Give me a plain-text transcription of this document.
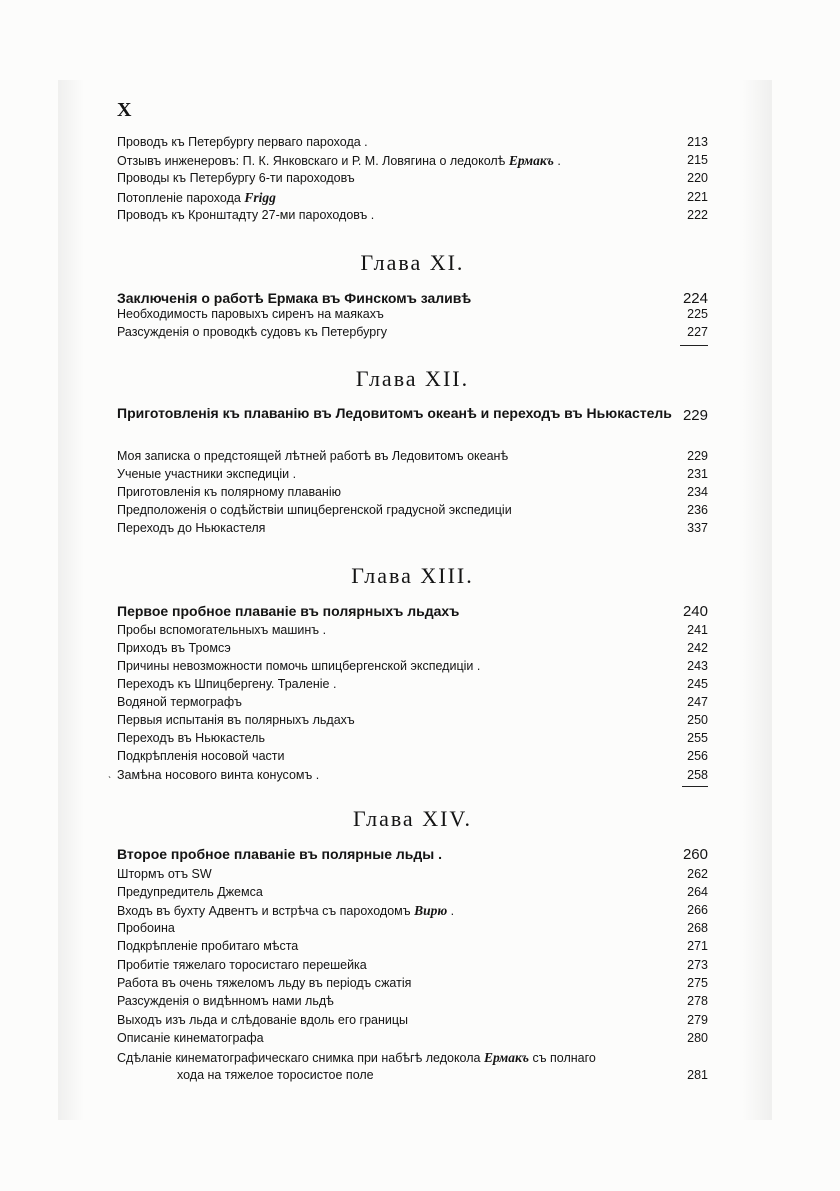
X
Проводъ къ Петербургу перваго парохода .	213
Отзывъ инженеровъ: П. К. Янковскаго и Р. М. Ловягина о ледоколѣ Ермакъ .	215
Проводы къ Петербургу 6-ти пароходовъ	220
Потопленіе парохода Frigg	221
Проводъ къ Кронштадту 27-ми пароходовъ .	222
Глава XI.
Заключенія о работѣ Ермака въ Финскомъ заливѣ	224
Необходимость паровыхъ сиренъ на маякахъ	225
Разсужденія о проводкѣ судовъ къ Петербургу	227
Глава XII.
Приготовленія къ плаванію въ Ледовитомъ океанѣ и переходъ въ Ньюкастель 229
Моя записка о предстоящей лѣтней работѣ въ Ледовитомъ океанѣ	229
Ученые участники экспедиціи .	231
Приготовленія къ полярному плаванію	234
Предположенія о содѣйствіи шпицбергенской градусной экспедиціи	236
Переходъ до Ньюкастеля	337
Глава XIII.
Первое пробное плаваніе въ полярныхъ льдахъ	240
Пробы вспомогательныхъ машинъ .	241
Приходъ въ Тромсэ	242
Причины невозможности помочь шпицбергенской экспедиціи .	243
Переходъ къ Шпицбергену. Траленіе .	245
Водяной термографъ	247
Первыя испытанія въ полярныхъ льдахъ	250
Переходъ въ Ньюкастель	255
Подкрѣпленія носовой части	256
Замѣна носового винта конусомъ .	258
ˋ
Глава XIV.
Второе пробное плаваніе въ полярные льды .	260
Штормъ отъ SW	262
Предупредитель Джемса	264
Входъ въ бухту Адвентъ и встрѣча съ пароходомъ Вирю .	266
Пробоина	268
Подкрѣпленіе пробитаго мѣста	271
Пробитіе тяжелаго торосистаго перешейка	273
Работа въ очень тяжеломъ льду въ періодъ сжатія	275
Разсужденія о видѣнномъ нами льдѣ	278
Выходъ изъ льда и слѣдованіе вдоль его границы	279
Описаніе кинематографа	280
Сдѣланіе кинематографическаго снимка при набѣгѣ ледокола Ермакъ съ полнаго
хода на тяжелое торосистое поле	281
